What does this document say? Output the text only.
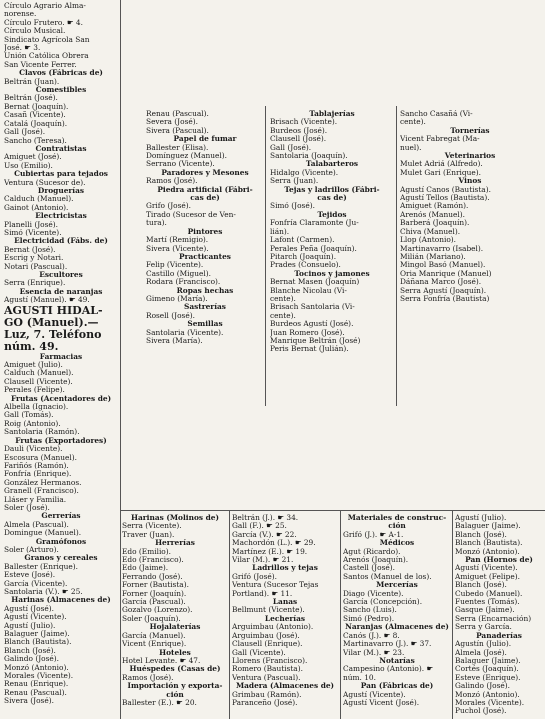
Círculo Agrario Alma-
norense.
Círculo Frutero. ☛ 4.
Círculo Musical.
Sindicato Agrícola San
José. ☛ 3.
Unión Católica Obrera
San Vicente Ferrer.
Clavos (Fábricas de)
Beltrán (Juan).
Comestibles
Beltrán (José).
Bernat (Joaquín).
Casañ (Vicente).
Catalá (Joaquín).
Gall (José).
Sancho (Teresa).
Contratistas
Amiguet (José).
Úso (Emilio).
Cubiertas para tejados
Ventura (Sucesor de).
Droguerías
Calduch (Manuel).
Gainot (Antonio).
Electricistas
Planelli (José).
Simó (Vicente).
Electricidad (Fábs. de)
Bernat (José).
Escrig y Notari.
Notari (Pascual).
Escultores
Serra (Enrique).
Esencia de naranjas
Agustí (Manuel). ☛ 49.
AGUSTÍ HIDAL-
GO (Manuel).—
Luz, 7. Teléfono
núm. 49.
Farmacias
Amiguet (Julio).
Calduch (Manuel).
Clausell (Vicente).
Perales (Felipe).
Frutas (Acentadores de)
Albella (Ignacio).
Gall (Tomás).
Roig (Antonio).
Santolaria (Ramón).
Frutas (Exportadores)
Dauli (Vicente).
Escosura (Manuel).
Fariñós (Ramón).
Fonfría (Enrique).
González Hermanos.
Granell (Francisco).
Lláser y Familia.
Soler (José).
Gerrerías
Almela (Pascual).
Domingue (Manuel).
Gramófonos
Soler (Arturo).
Granos y cereales
Ballester (Enrique).
Esteve (José).
García (Vicente).
Santolaria (V.). ☛ 25.
Harinas (Almacenes de)
Agustí (José).
Agustí (Vicente).
Agustí (Julio).
Balaguer (Jaime).
Blanch (Bautista).
Blanch (José).
Galindo (José).
Monzó (Antonio).
Morales (Vicente).
Renau (Enrique).
Renau (Pascual).
Sivera (José).
Renau (Pascual).
Severa (José).
Sivera (Pascual).
Papel de fumar
Ballester (Elisa).
Domínguez (Manuel).
Serrano (Vicente).
Paradores y Mesones
Ramos (José).
Piedra artificial (Fábri-
cas de)
Grifo (José).
Tirado (Sucesor de Ven-
tura).
Pintores
Martí (Remigio).
Sivera (Vicente).
Practicantes
Felip (Vicente).
Castillo (Miguel).
Rodara (Francisco).
Ropas hechas
Gimeno (María).
Sastrerías
Rosell (José).
Semillas
Santolaria (Vicente).
Sivera (María).
Tablajerías
Brisach (Vicente).
Burdeos (José).
Clausell (José).
Gall (José).
Santolaria (Joaquín).
Talabarteros
Hidalgo (Vicente).
Serra (Juan).
Tejas y ladrillos (Fábri-
cas de)
Simó (José).
Tejidos
Fonfría Claramonte (Ju-
lián).
Lafont (Carmen).
Perales Peña (Joaquín).
Pitarch (Joaquín).
Prades (Consuelo).
Tocinos y jamones
Bernat Masen (Joaquín)
Blanche Nicolau (Vi-
cente).
Brisach Santolaria (Vi-
cente).
Burdeos Agustí (José).
Juan Romero (José).
Manrique Beltrán (José)
Peris Bernat (Julián).
Sancho Casañá (Vi-
cente).
Tornerías
Vicent Fabregat (Ma-
nuel).
Veterinarios
Mulet Adriá (Alfredo).
Mulet Gari (Enrique).
Vinos
Agustí Canos (Bautista).
Agustí Tellos (Bautista).
Amiguet (Ramón).
Arenós (Manuel).
Barberá (Joaquín).
Chiva (Manuel).
Llop (Antonio).
Martinavarro (Isabel).
Milián (Mariano).
Mingol Basó (Manuel).
Oria Manrique (Manuel)
Dáñana Marco (José).
Serra Agustí (Joaquín).
Serra Fonfría (Bautista)
Harinas (Molinos de)
Serra (Vicente).
Traver (Juan).
Herrerías
Edo (Emilio).
Edo (Francisco).
Edo (Jaime).
Ferrando (José).
Forner (Bautista).
Forner (Joaquín).
García (Pascual).
Gozalvo (Lorenzo).
Soler (Joaquín).
Hojalaterías
García (Manuel).
Vicent (Enrique).
Hoteles
Hotel Levante. ☛ 47.
Huéspedes (Casas de)
Ramos (José).
Importación y exporta-
ción
Ballester (E.). ☛ 20.
Beltrán (J.). ☛ 34.
Gall (F.). ☛ 25.
García (V.). ☛ 22.
Machordón (L.). ☛ 29.
Martínez (E.). ☛ 19.
Vilar (M.). ☛ 21.
Ladrillos y tejas
Grifó (José).
Ventura (Sucesor Tejas
Portland). ☛ 11.
Lanas
Bellmunt (Vicente).
Lecherías
Arguimbau (Antonio).
Arguimbau (José).
Clausell (Enrique).
Gall (Vicente).
Llorens (Francisco).
Romero (Bautista).
Ventura (Pascual).
Madera (Almacenes de)
Grimbau (Ramón).
Paranceño (José).
Materiales de construc-
ción
Grifó (J.). ☛ A-1.
Médicos
Agut (Ricardo).
Arenós (Joaquín).
Castell (José).
Santos (Manuel de los).
Mercerías
Diago (Vicente).
García (Concepción).
Sancho (Luis).
Simó (Pedro).
Naranjas (Almacenes de)
Canós (J.). ☛ 8.
Martinavarro (J.). ☛ 37.
Vilar (M.). ☛ 23.
Notarías
Campesino (Antonio). ☛
núm. 10.
Pan (Fábricas de)
Agustí (Vicente).
Agustí Vicent (José).
Agustí (Julio).
Balaguer (Jaime).
Blanch (José).
Blanch (Bautista).
Monzó (Antonio).
Pan (Hornos de)
Agustí (Vicente).
Amiguet (Felipe).
Blanch (José).
Cubedo (Manuel).
Fuentes (Tomás).
Gasque (Jaime).
Serra (Encarnación)
Serra y García.
Panaderías
Agustín (Julio).
Almela (José).
Balaguer (Jaime).
Cortés (Joaquín).
Esteve (Enrique).
Galindo (José).
Monzó (Antonio).
Morales (Vicente).
Puchol (José).
